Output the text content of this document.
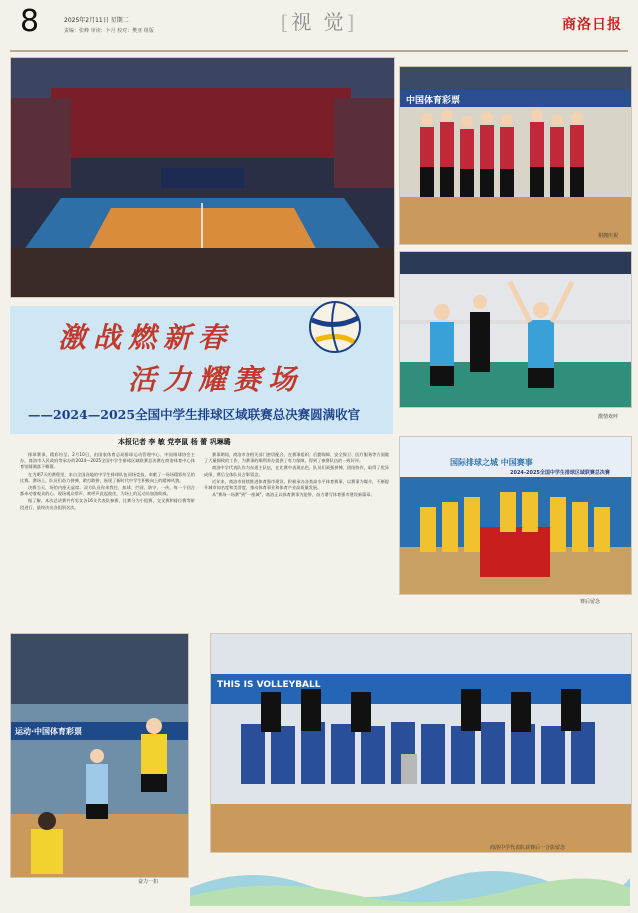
8	2025年2月11日 星期二
责编：张峰 审读：卜月 校对：樊亚 组版	[视 觉]	商洛日报
中国体育彩票
相拥庆祝
激战燃新春
活力耀赛场
——2024—2025全国中学生排球区域联赛总决赛圆满收官
本报记者 李 敏 党亭鼠 杨 蕾 巩琳璐
激情欢呼

排球赛事，精彩纷呈。2月10日，由国家体育总局排球运动管理中心、中国排球协会主办，商洛市人民政府等承办的2024—2025全国中学生排球区域联赛总决赛在商洛体育中心体育馆圆满落下帷幕。

在为期7天的赛程里，来自全国各地的中学生排球队伍同场竞技，奉献了一场场精彩纷呈的比赛。赛场上，队员们奋力拼搏、敢打敢拼，展现了新时代中学生积极向上的精神风貌。

决赛当天，场馆内座无虚席。双方队员你来我往，扣球、拦网、防守、一传，每一个回合都牵动着观众的心。现场观众掌声、欢呼声此起彼伏，为场上的运动员加油助威。

据了解，本次总决赛共有男女各16支代表队参赛，比赛分为小组赛、交叉赛和排位赛等阶段进行，最终决出各组别名次。

赛事期间，商洛市各相关部门密切配合，在赛事组织、后勤保障、安全保卫、医疗服务等方面做了大量细致的工作，为赛事的顺利举办提供了有力保障，得到了参赛队伍的一致好评。

商洛中学代表队作为东道主队伍，在比赛中表现出色，队员们顽强拼搏、团结协作，取得了优异成绩，赛后全体队员合影留念。

近年来，商洛市持续推进体育强市建设，积极承办各类高水平体育赛事，以赛事为媒介，不断提升城市知名度和美誉度，推动体育事业和体育产业高质量发展。

从"赛场一场赛"到"一座城"，商洛正以体育赛事为纽带，奋力谱写体育强市建设新篇章。

国际排球之城 中国赛事
2024-2025全国中学生排球区域联赛总决赛
赛后留念
运动·中国体育彩票
奋力一扣
THIS IS VOLLEYBALL
商洛中学代表队获赛后一合影留念
